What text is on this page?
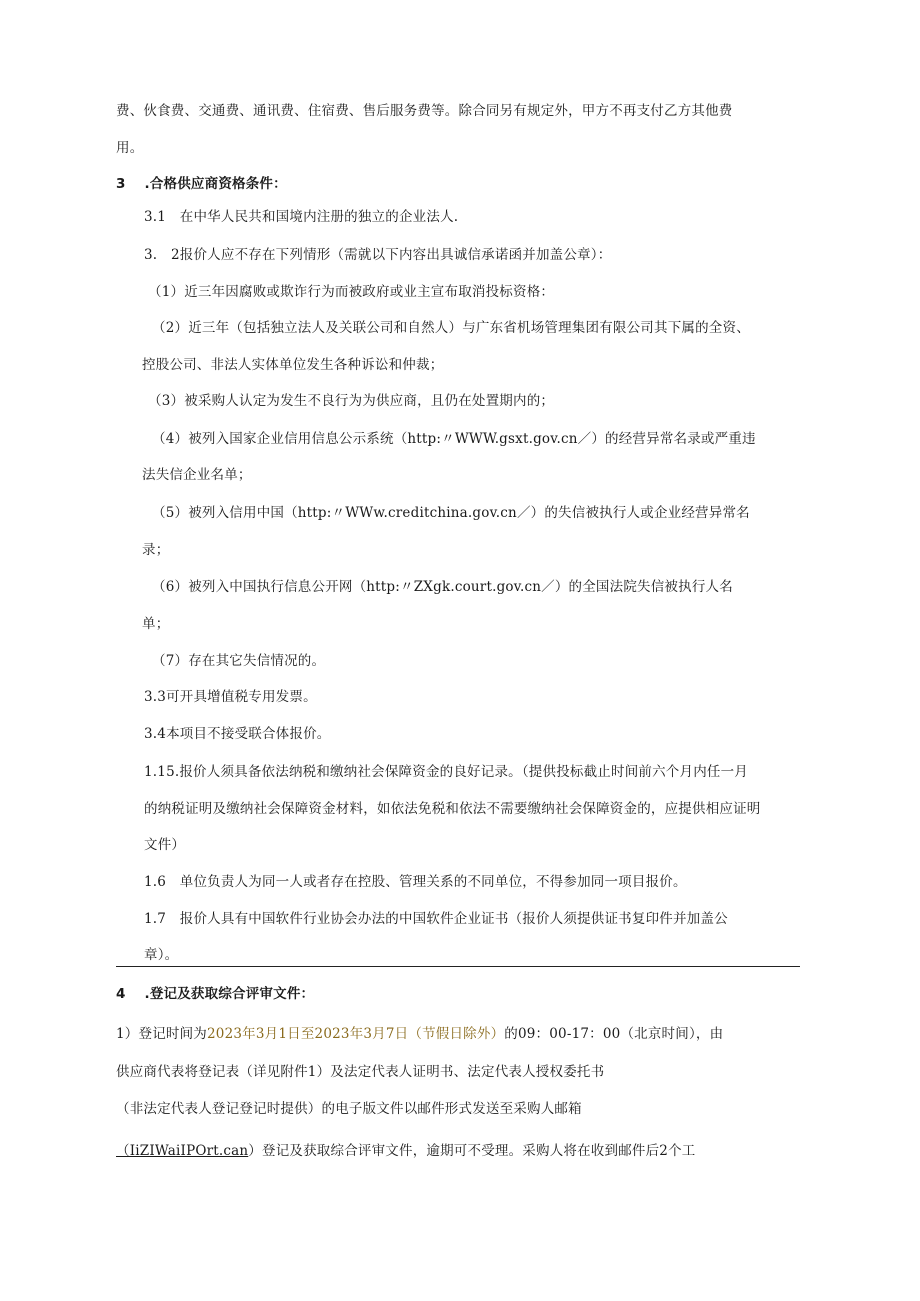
费、伙食费、交通费、通讯费、住宿费、售后服务费等。除合同另有规定外，甲方不再支付乙方其他费
用。
3 .合格供应商资格条件：
3.1　在中华人民共和国境内注册的独立的企业法人.
3.　2报价人应不存在下列情形（需就以下内容出具诚信承诺函并加盖公章）：
（1）近三年因腐败或欺诈行为而被政府或业主宣布取消投标资格：
（2）近三年（包括独立法人及关联公司和自然人）与广东省机场管理集团有限公司其下属的全资、
控股公司、非法人实体单位发生各种诉讼和仲裁；
（3）被采购人认定为发生不良行为为供应商，且仍在处置期内的；
（4）被列入国家企业信用信息公示系统（http:〃WWW.gsxt.gov.cn／）的经营异常名录或严重违
法失信企业名单；
（5）被列入信用中国（http:〃WWw.creditchina.gov.cn／）的失信被执行人或企业经营异常名
录；
（6）被列入中国执行信息公开网（http:〃ZXgk.court.gov.cn／）的全国法院失信被执行人名
单；
（7）存在其它失信情况的。
3.3可开具增值税专用发票。
3.4本项目不接受联合体报价。
1.15.报价人须具备依法纳税和缴纳社会保障资金的良好记录。（提供投标截止时间前六个月内任一月
的纳税证明及缴纳社会保障资金材料，如依法免税和依法不需要缴纳社会保障资金的，应提供相应证明
文件）
1.6　单位负责人为同一人或者存在控股、管理关系的不同单位，不得参加同一项目报价。
1.7　报价人具有中国软件行业协会办法的中国软件企业证书（报价人须提供证书复印件并加盖公
章）。
4 .登记及获取综合评审文件：
1）登记时间为2023年3月1日至2023年3月7日（节假日除外）的09：00-17：00（北京时间），由
供应商代表将登记表（详见附件1）及法定代表人证明书、法定代表人授权委托书
（非法定代表人登记登记时提供）的电子版文件以邮件形式发送至采购人邮箱
（IiZIWaiIPOrt.can）登记及获取综合评审文件，逾期可不受理。采购人将在收到邮件后2个工
